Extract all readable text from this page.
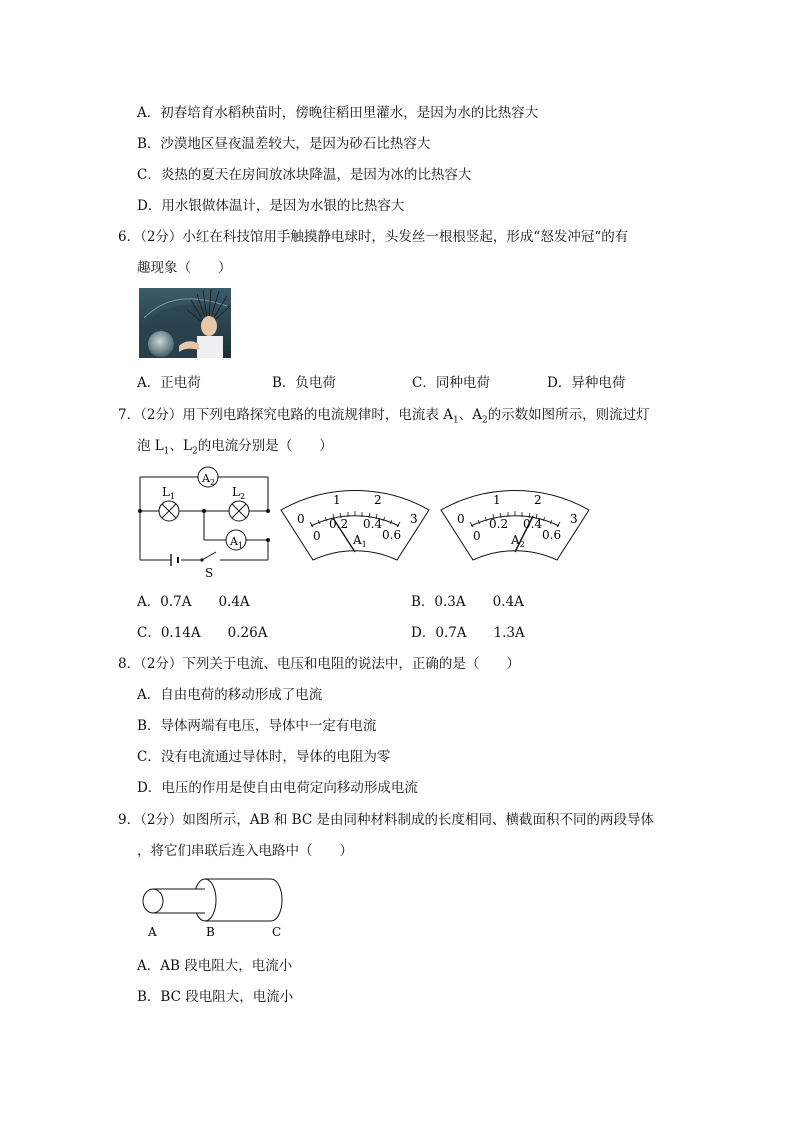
A．初春培育水稻秧苗时，傍晚往稻田里灌水，是因为水的比热容大
B．沙漠地区昼夜温差较大，是因为砂石比热容大
C．炎热的夏天在房间放冰块降温，是因为冰的比热容大
D．用水银做体温计，是因为水银的比热容大
6．（2分）小红在科技馆用手触摸静电球时，头发丝一根根竖起，形成“怒发冲冠“的有
趣现象（　　）
A．正电荷	B．负电荷	C．同种电荷	D．异种电荷
7．（2分）用下列电路探究电路的电流规律时，电流表 $A_1$、$A_2$的示数如图所示，则流过灯
泡 $L_1$、$L_2$的电流分别是（　　）
$A_2$
$A_1$
$L_1$	$L_2$
S
0
1	2
3
0
0.2 0.4
0.6
$A_1$
0
1	2
3
0
0.2 0.4
0.6
$A_2$
A．0.7A　　0.4A	B．0.3A　　0.4A
C．0.14A　　0.26A	D．0.7A　　1.3A
8．（2分）下列关于电流、电压和电阻的说法中，正确的是（　　）
A．自由电荷的移动形成了电流
B．导体两端有电压，导体中一定有电流
C．没有电流通过导体时，导体的电阻为零
D．电压的作用是使自由电荷定向移动形成电流
9．（2分）如图所示，AB 和 BC 是由同种材料制成的长度相同、横截面积不同的两段导体
，将它们串联后连入电路中（　　）
A	B	C
A．AB 段电阻大，电流小
B．BC 段电阻大，电流小
